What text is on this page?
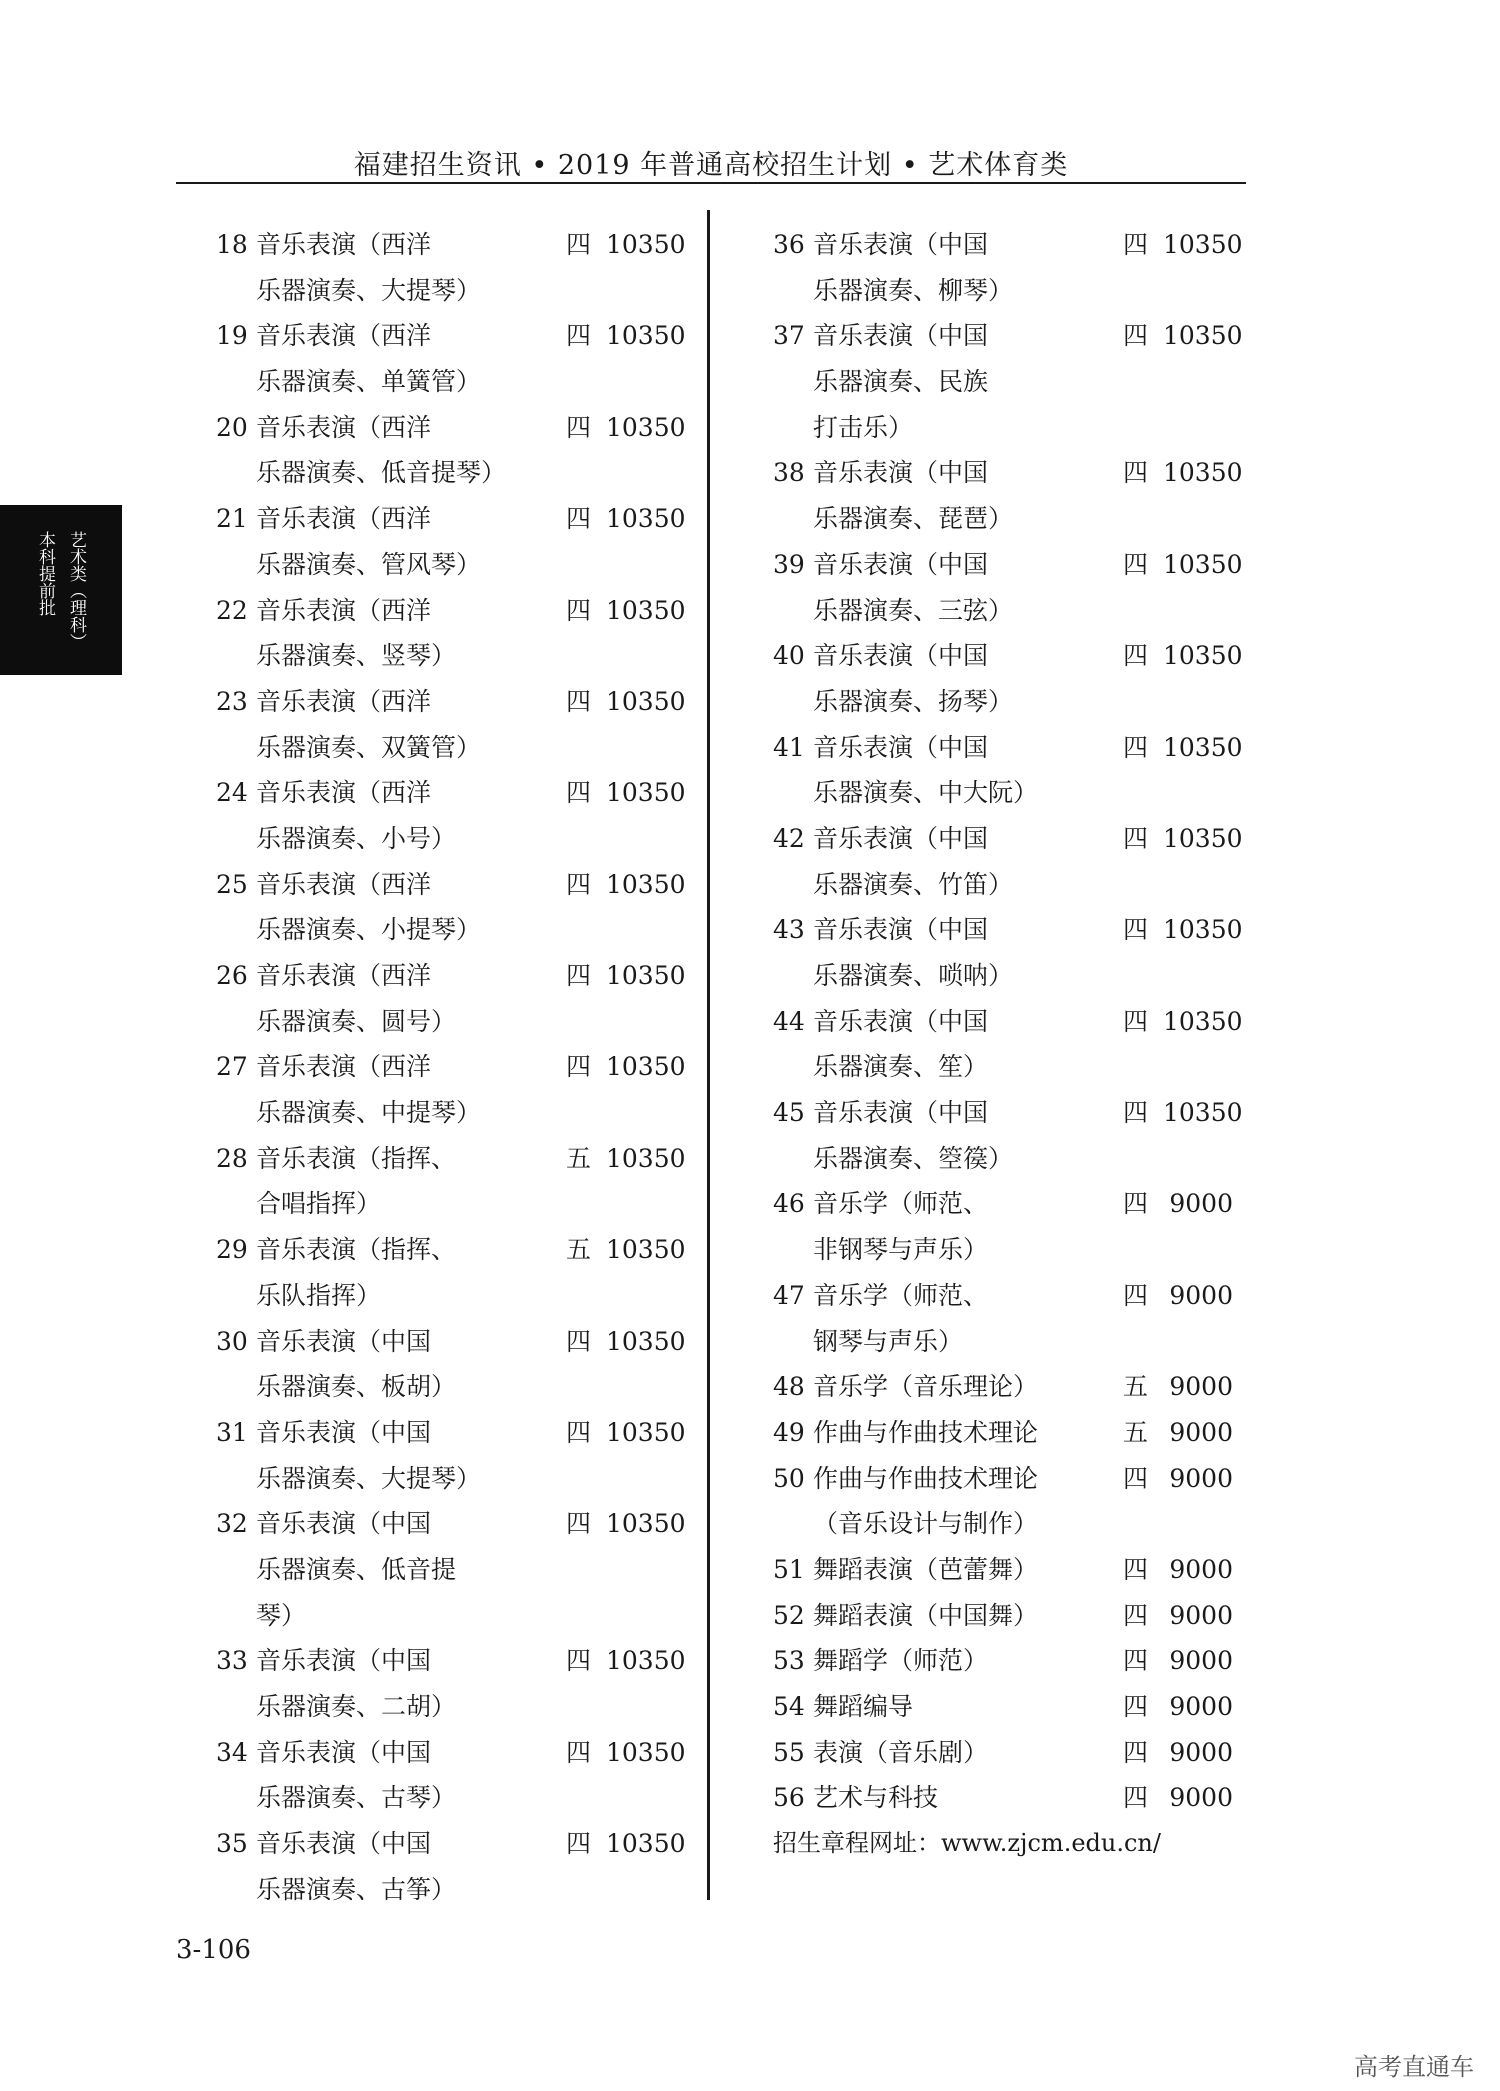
福建招生资讯 • 2019 年普通高校招生计划 • 艺术体育类
艺术类（理科）
本科提前批
18 音乐表演（西洋	四 10350
乐器演奏、大提琴）
19 音乐表演（西洋	四 10350
乐器演奏、单簧管）
20 音乐表演（西洋	四 10350
乐器演奏、低音提琴）
21 音乐表演（西洋	四 10350
乐器演奏、管风琴）
22 音乐表演（西洋	四 10350
乐器演奏、竖琴）
23 音乐表演（西洋	四 10350
乐器演奏、双簧管）
24 音乐表演（西洋	四 10350
乐器演奏、小号）
25 音乐表演（西洋	四 10350
乐器演奏、小提琴）
26 音乐表演（西洋	四 10350
乐器演奏、圆号）
27 音乐表演（西洋	四 10350
乐器演奏、中提琴）
28 音乐表演（指挥、	五 10350
合唱指挥）
29 音乐表演（指挥、	五 10350
乐队指挥）
30 音乐表演（中国	四 10350
乐器演奏、板胡）
31 音乐表演（中国	四 10350
乐器演奏、大提琴）
32 音乐表演（中国	四 10350
乐器演奏、低音提
琴）
33 音乐表演（中国	四 10350
乐器演奏、二胡）
34 音乐表演（中国	四 10350
乐器演奏、古琴）
35 音乐表演（中国	四 10350
乐器演奏、古筝）
36 音乐表演（中国	四 10350
乐器演奏、柳琴）
37 音乐表演（中国	四 10350
乐器演奏、民族
打击乐）
38 音乐表演（中国	四 10350
乐器演奏、琵琶）
39 音乐表演（中国	四 10350
乐器演奏、三弦）
40 音乐表演（中国	四 10350
乐器演奏、扬琴）
41 音乐表演（中国	四 10350
乐器演奏、中大阮）
42 音乐表演（中国	四 10350
乐器演奏、竹笛）
43 音乐表演（中国	四 10350
乐器演奏、唢呐）
44 音乐表演（中国	四 10350
乐器演奏、笙）
45 音乐表演（中国	四 10350
乐器演奏、箜篌）
46 音乐学（师范、	四 9000
非钢琴与声乐）
47 音乐学（师范、	四 9000
钢琴与声乐）
48 音乐学（音乐理论）	五 9000
49 作曲与作曲技术理论	五 9000
50 作曲与作曲技术理论	四 9000
（音乐设计与制作）
51 舞蹈表演（芭蕾舞）	四 9000
52 舞蹈表演（中国舞）	四 9000
53 舞蹈学（师范）	四 9000
54 舞蹈编导	四 9000
55 表演（音乐剧）	四 9000
56 艺术与科技	四 9000
招生章程网址：www.zjcm.edu.cn/
3-106
高考直通车
